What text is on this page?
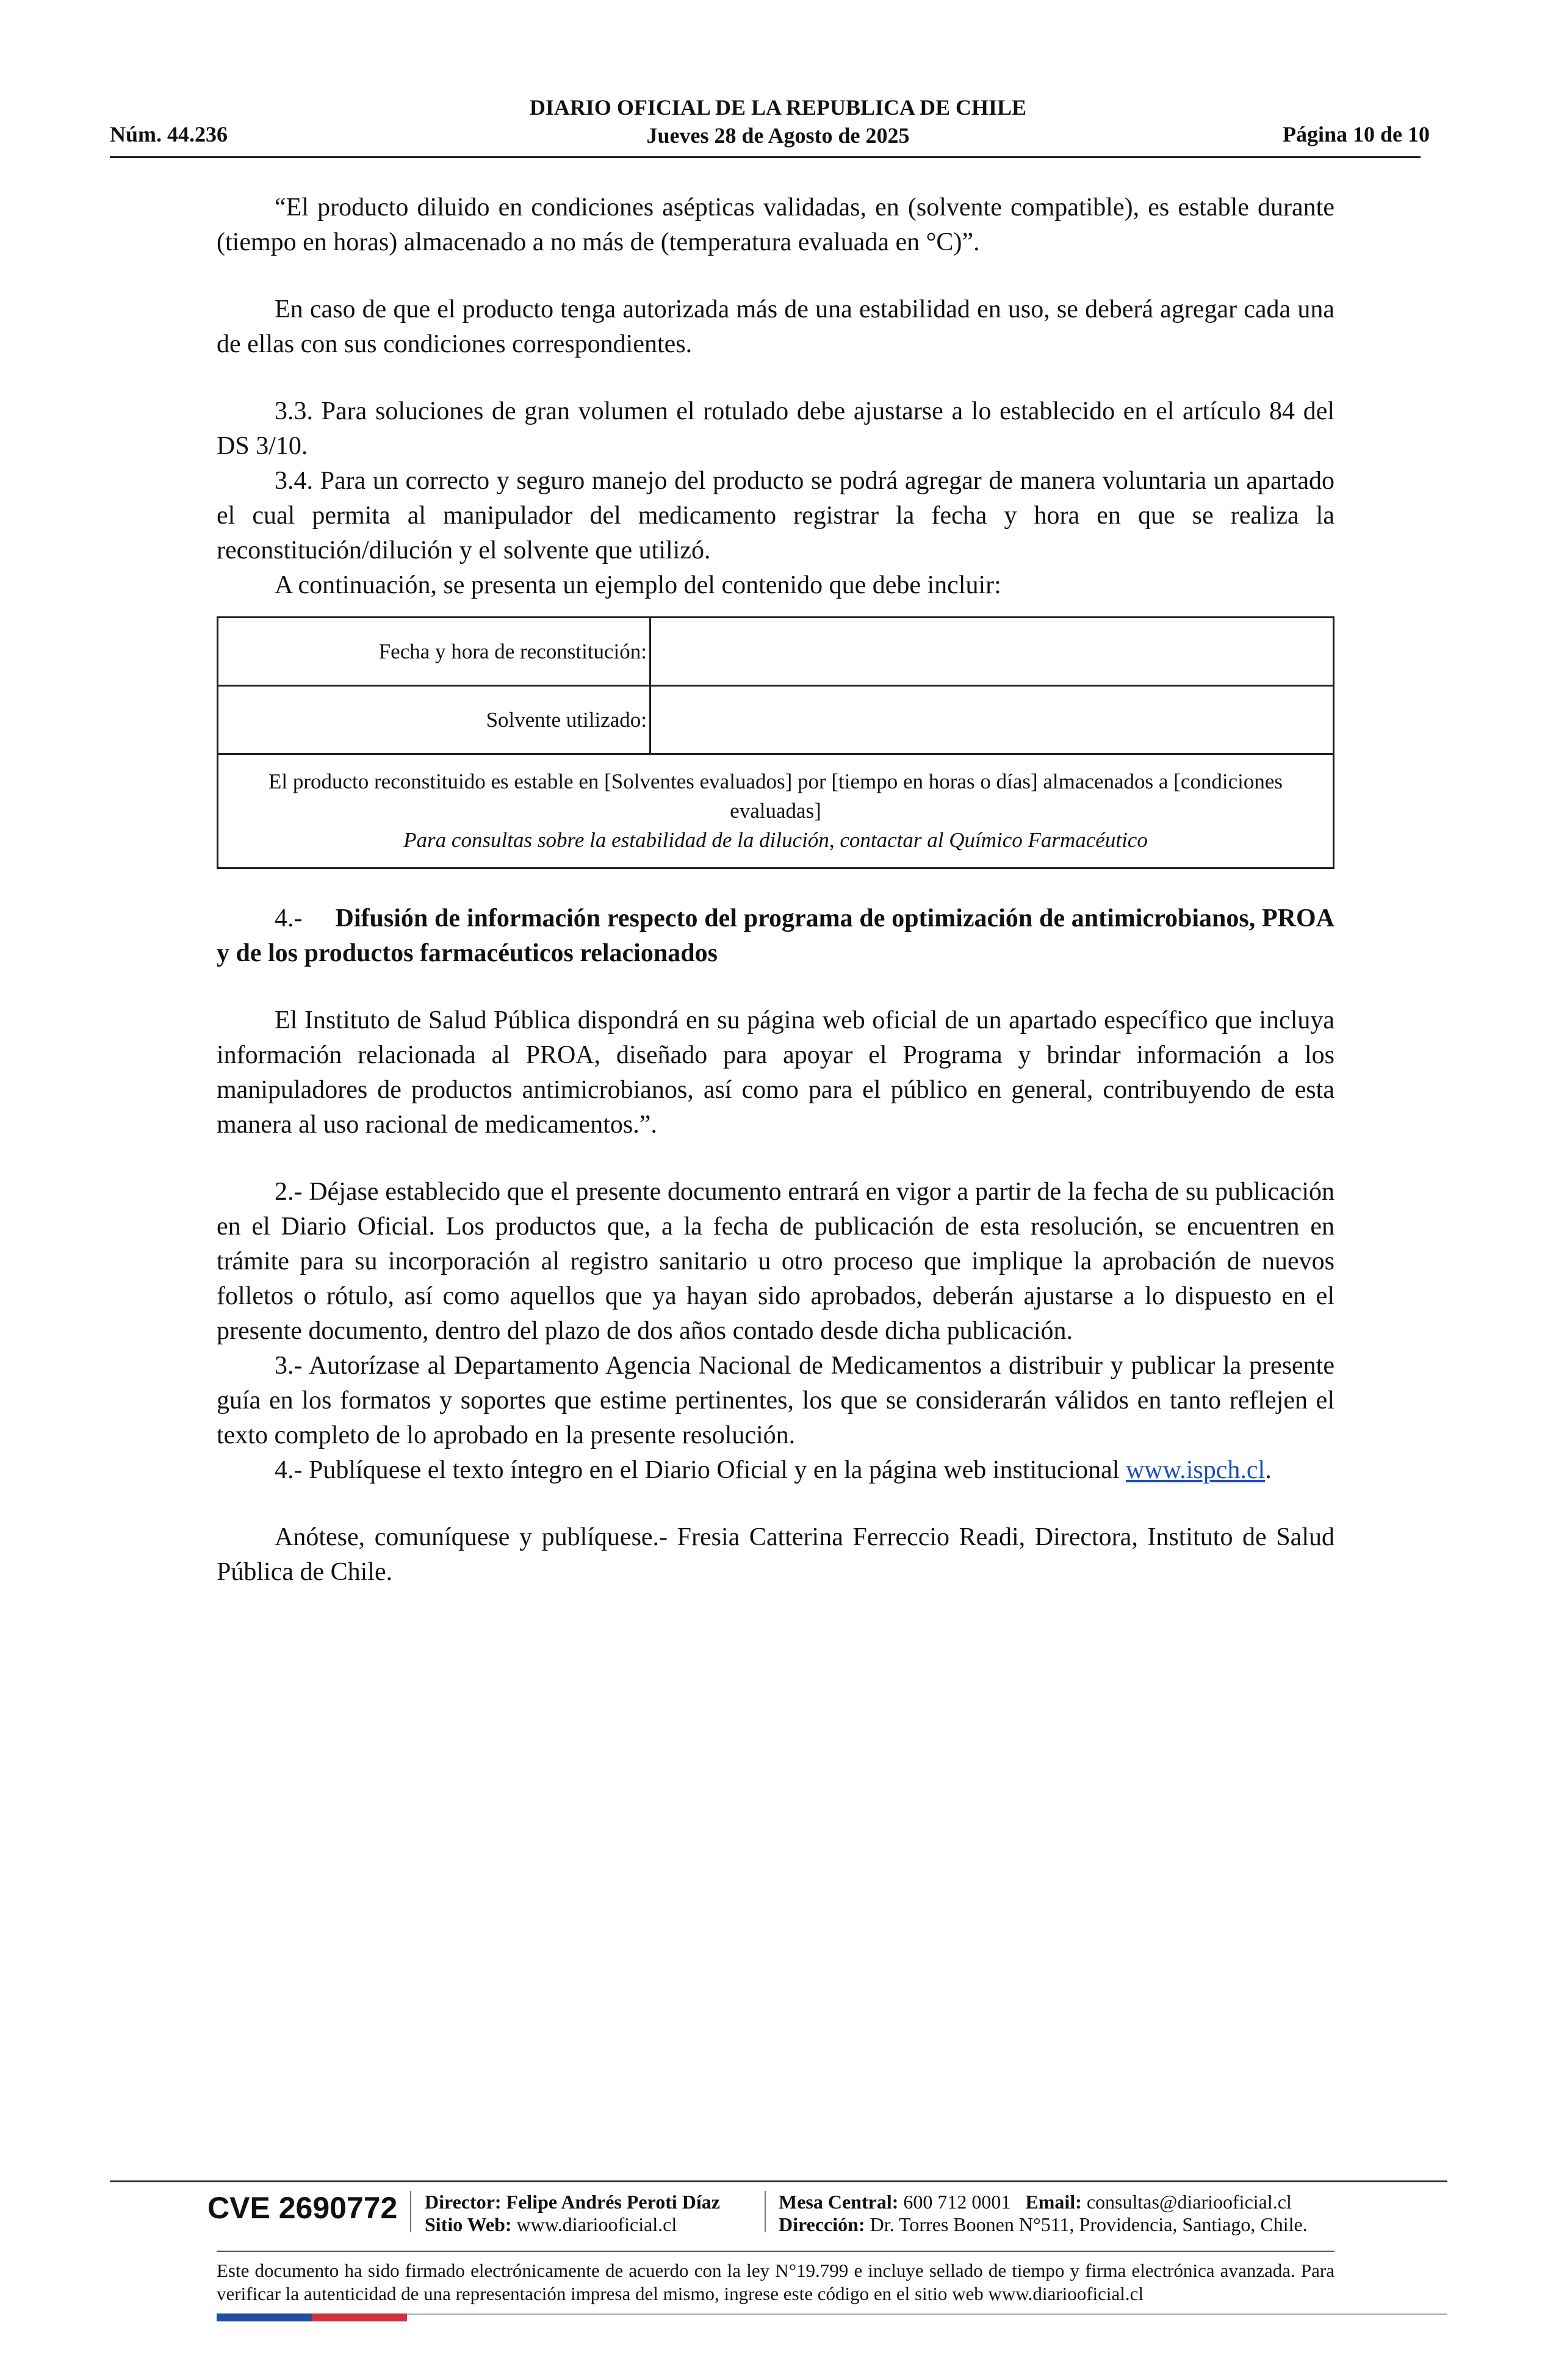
DIARIO OFICIAL DE LA REPUBLICA DE CHILE
Jueves 28 de Agosto de 2025
Núm. 44.236	Página 10 de 10

“El producto diluido en condiciones asépticas validadas, en (solvente compatible), es estable durante (tiempo en horas) almacenado a no más de (temperatura evaluada en °C)”.

En caso de que el producto tenga autorizada más de una estabilidad en uso, se deberá agregar cada una de ellas con sus condiciones correspondientes.

3.3. Para soluciones de gran volumen el rotulado debe ajustarse a lo establecido en el artículo 84 del DS 3/10.

3.4. Para un correcto y seguro manejo del producto se podrá agregar de manera voluntaria un apartado el cual permita al manipulador del medicamento registrar la fecha y hora en que se realiza la reconstitución/dilución y el solvente que utilizó.

A continuación, se presenta un ejemplo del contenido que debe incluir:

Fecha y hora de reconstitución:	
Solvente utilizado:	

El producto reconstituido es estable en [Solventes evaluados] por [tiempo en horas o días] almacenados a [condiciones evaluadas]
Para consultas sobre la estabilidad de la dilución, contactar al Químico Farmacéutico	

4.- Difusión de información respecto del programa de optimización de antimicrobianos, PROA y de los productos farmacéuticos relacionados

El Instituto de Salud Pública dispondrá en su página web oficial de un apartado específico que incluya información relacionada al PROA, diseñado para apoyar el Programa y brindar información a los manipuladores de productos antimicrobianos, así como para el público en general, contribuyendo de esta manera al uso racional de medicamentos.”.

2.- Déjase establecido que el presente documento entrará en vigor a partir de la fecha de su publicación en el Diario Oficial. Los productos que, a la fecha de publicación de esta resolución, se encuentren en trámite para su incorporación al registro sanitario u otro proceso que implique la aprobación de nuevos folletos o rótulo, así como aquellos que ya hayan sido aprobados, deberán ajustarse a lo dispuesto en el presente documento, dentro del plazo de dos años contado desde dicha publicación.

3.- Autorízase al Departamento Agencia Nacional de Medicamentos a distribuir y publicar la presente guía en los formatos y soportes que estime pertinentes, los que se considerarán válidos en tanto reflejen el texto completo de lo aprobado en la presente resolución.

4.- Publíquese el texto íntegro en el Diario Oficial y en la página web institucional www.ispch.cl.

Anótese, comuníquese y publíquese.- Fresia Catterina Ferreccio Readi, Directora, Instituto de Salud Pública de Chile.

CVE 2690772 Director: Felipe Andrés Peroti Díaz
Sitio Web: www.diariooficial.cl
Mesa Central: 600 712 0001 Email: consultas@diariooficial.cl
Dirección: Dr. Torres Boonen N°511, Providencia, Santiago, Chile.
Este documento ha sido firmado electrónicamente de acuerdo con la ley N°19.799 e incluye sellado de tiempo y firma electrónica avanzada. Para verificar la autenticidad de una representación impresa del mismo, ingrese este código en el sitio web www.diariooficial.cl
